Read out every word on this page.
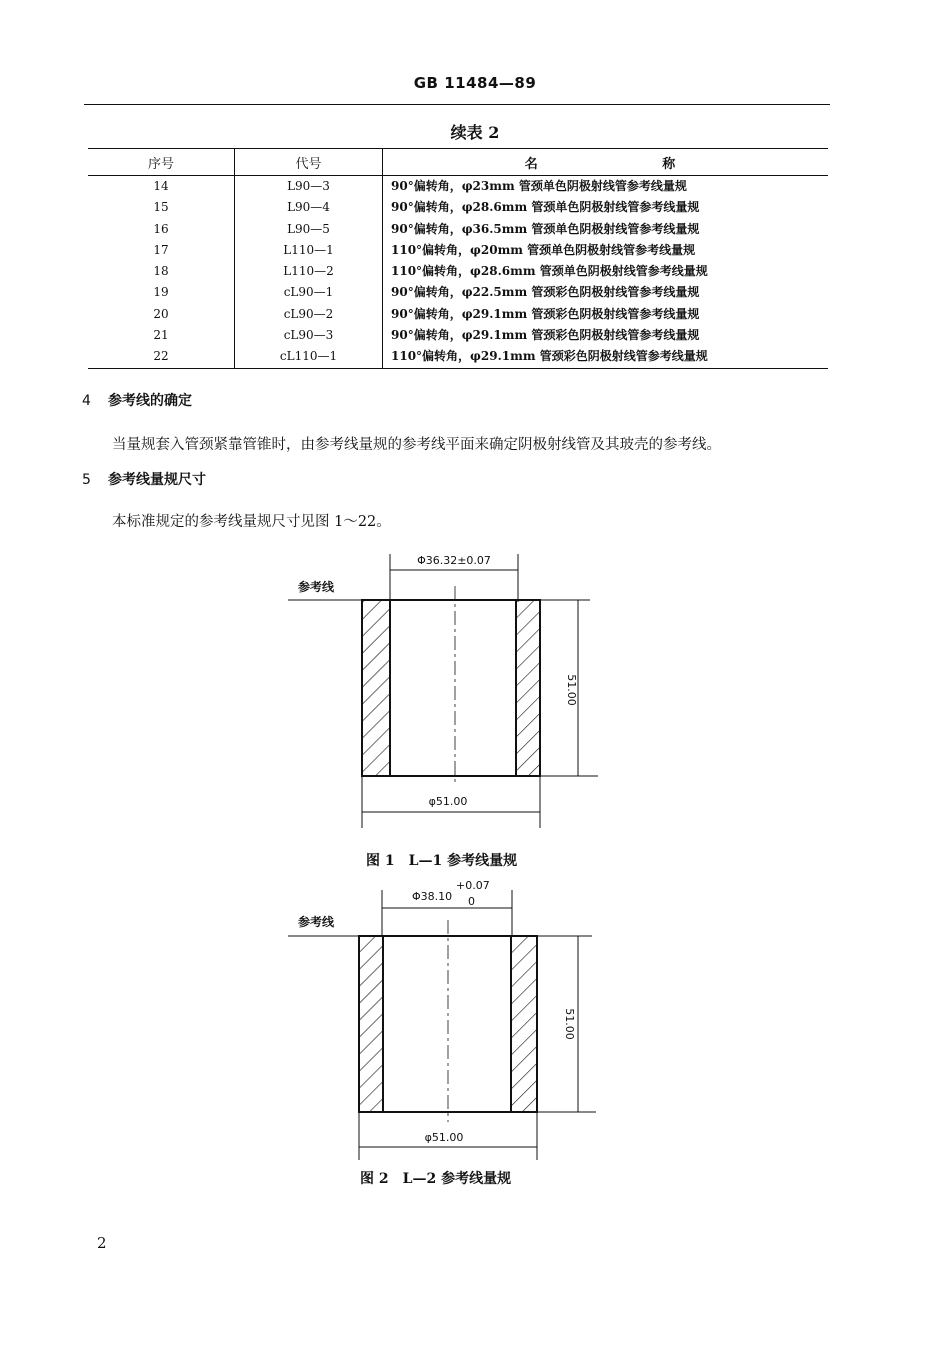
GB 11484—89
续表 2
序号	代号	名 称
14	L90—3	90°偏转角，φ23mm 管颈单色阴极射线管参考线量规
15	L90—4	90°偏转角，φ28.6mm 管颈单色阴极射线管参考线量规
16	L90—5	90°偏转角，φ36.5mm 管颈单色阴极射线管参考线量规
17	L110—1	110°偏转角，φ20mm 管颈单色阴极射线管参考线量规
18	L110—2	110°偏转角，φ28.6mm 管颈单色阴极射线管参考线量规
19	cL90—1	90°偏转角，φ22.5mm 管颈彩色阴极射线管参考线量规
20	cL90—2	90°偏转角，φ29.1mm 管颈彩色阴极射线管参考线量规
21	cL90—3	90°偏转角，φ29.1mm 管颈彩色阴极射线管参考线量规
22	cL110—1	110°偏转角，φ29.1mm 管颈彩色阴极射线管参考线量规
4 参考线的确定
当量规套入管颈紧靠管锥时，由参考线量规的参考线平面来确定阴极射线管及其玻壳的参考线。
5 参考线量规尺寸
本标准规定的参考线量规尺寸见图 1～22。
Φ36.32±0.07
参考线
51.00
φ51.00
图 1　L—1 参考线量规
Φ38.10
+0.07
0
参考线
51.00
φ51.00
图 2　L—2 参考线量规
2
